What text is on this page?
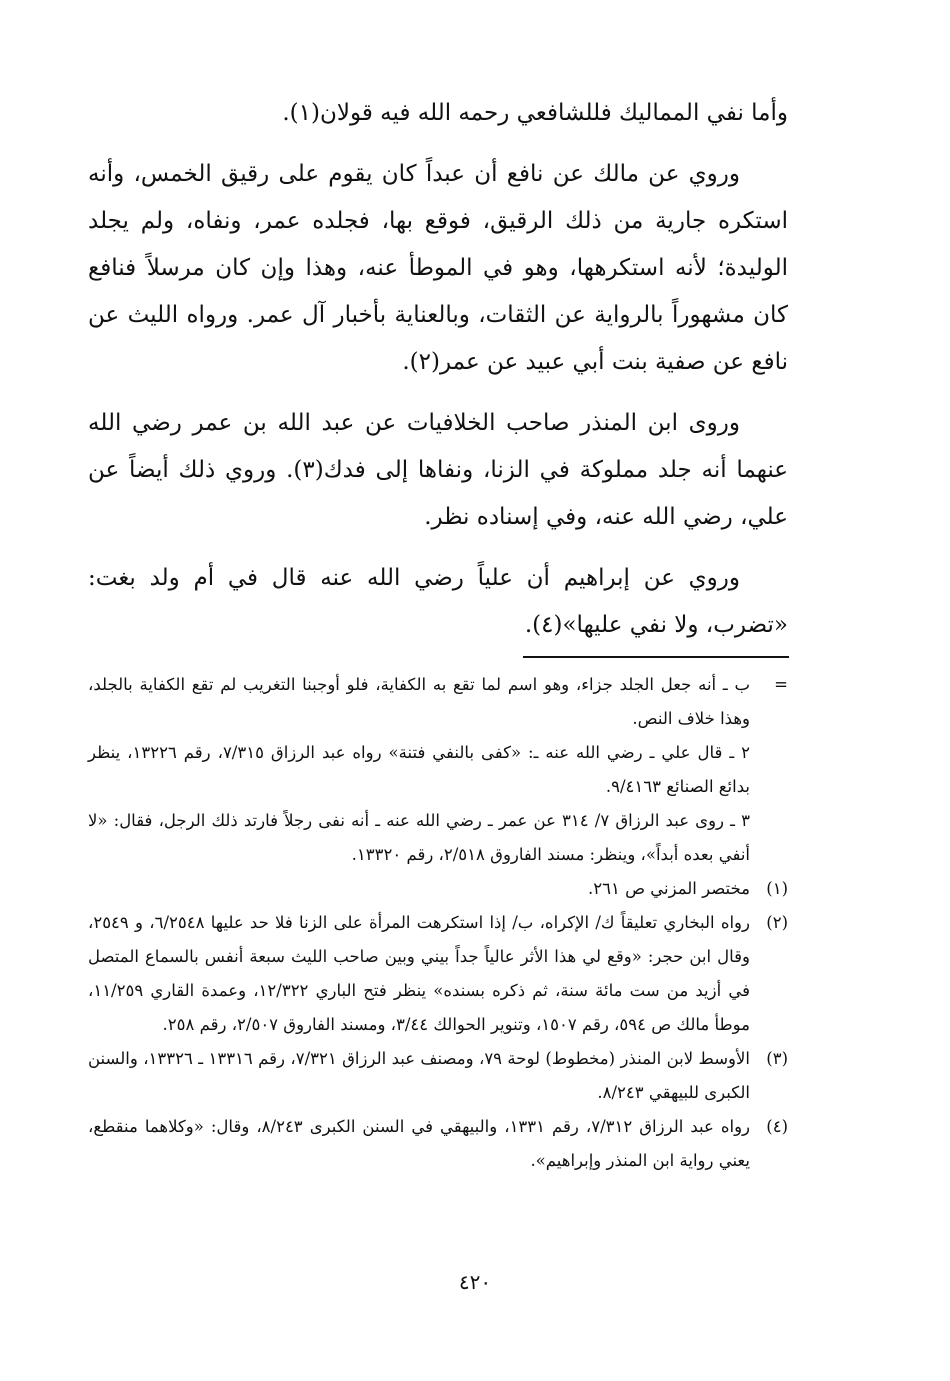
وأما نفي المماليك فللشافعي رحمه الله فيه قولان(١).

وروي عن مالك عن نافع أن عبداً كان يقوم على رقيق الخمس، وأنه استكره جارية من ذلك الرقيق، فوقع بها، فجلده عمر، ونفاه، ولم يجلد الوليدة؛ لأنه استكرهها، وهو في الموطأ عنه، وهذا وإن كان مرسلاً فنافع كان مشهوراً بالرواية عن الثقات، وبالعناية بأخبار آل عمر. ورواه الليث عن نافع عن صفية بنت أبي عبيد عن عمر(٢).

وروى ابن المنذر صاحب الخلافيات عن عبد الله بن عمر رضي الله عنهما أنه جلد مملوكة في الزنا، ونفاها إلى فدك(٣). وروي ذلك أيضاً عن علي، رضي الله عنه، وفي إسناده نظر.

وروي عن إبراهيم أن علياً رضي الله عنه قال في أم ولد بغت: «تضرب، ولا نفي عليها»(٤).

=
ب ـ أنه جعل الجلد جزاء، وهو اسم لما تقع به الكفاية، فلو أوجبنا التغريب لم تقع الكفاية بالجلد، وهذا خلاف النص.

٢ ـ قال علي ـ رضي الله عنه ـ: «كفى بالنفي فتنة» رواه عبد الرزاق ٧/٣١٥، رقم ١٣٢٢٦، ينظر بدائع الصنائع ٩/٤١٦٣.

٣ ـ روى عبد الرزاق ٧/ ٣١٤ عن عمر ـ رضي الله عنه ـ أنه نفى رجلاً فارتد ذلك الرجل، فقال: «لا أنفي بعده أبداً»، وينظر: مسند الفاروق ٢/٥١٨، رقم ١٣٣٢٠.

(١)
مختصر المزني ص ٢٦١.

(٢)
رواه البخاري تعليقاً ك/ الإكراه، ب/ إذا استكرهت المرأة على الزنا فلا حد عليها ٦/٢٥٤٨، و ٢٥٤٩، وقال ابن حجر: «وقع لي هذا الأثر عالياً جداً بيني وبين صاحب الليث سبعة أنفس بالسماع المتصل في أزيد من ست مائة سنة، ثم ذكره بسنده» ينظر فتح الباري ١٢/٣٢٢، وعمدة القاري ١١/٢٥٩، موطأ مالك ص ٥٩٤، رقم ١٥٠٧، وتنوير الحوالك ٣/٤٤، ومسند الفاروق ٢/٥٠٧، رقم ٢٥٨.

(٣)
الأوسط لابن المنذر (مخطوط) لوحة ٧٩، ومصنف عبد الرزاق ٧/٣٢١، رقم ١٣٣١٦ ـ ١٣٣٢٦، والسنن الكبرى للبيهقي ٨/٢٤٣.

(٤)
رواه عبد الرزاق ٧/٣١٢، رقم ١٣٣١، والبيهقي في السنن الكبرى ٨/٢٤٣، وقال: «وكلاهما منقطع، يعني رواية ابن المنذر وإبراهيم».

٤٢٠
